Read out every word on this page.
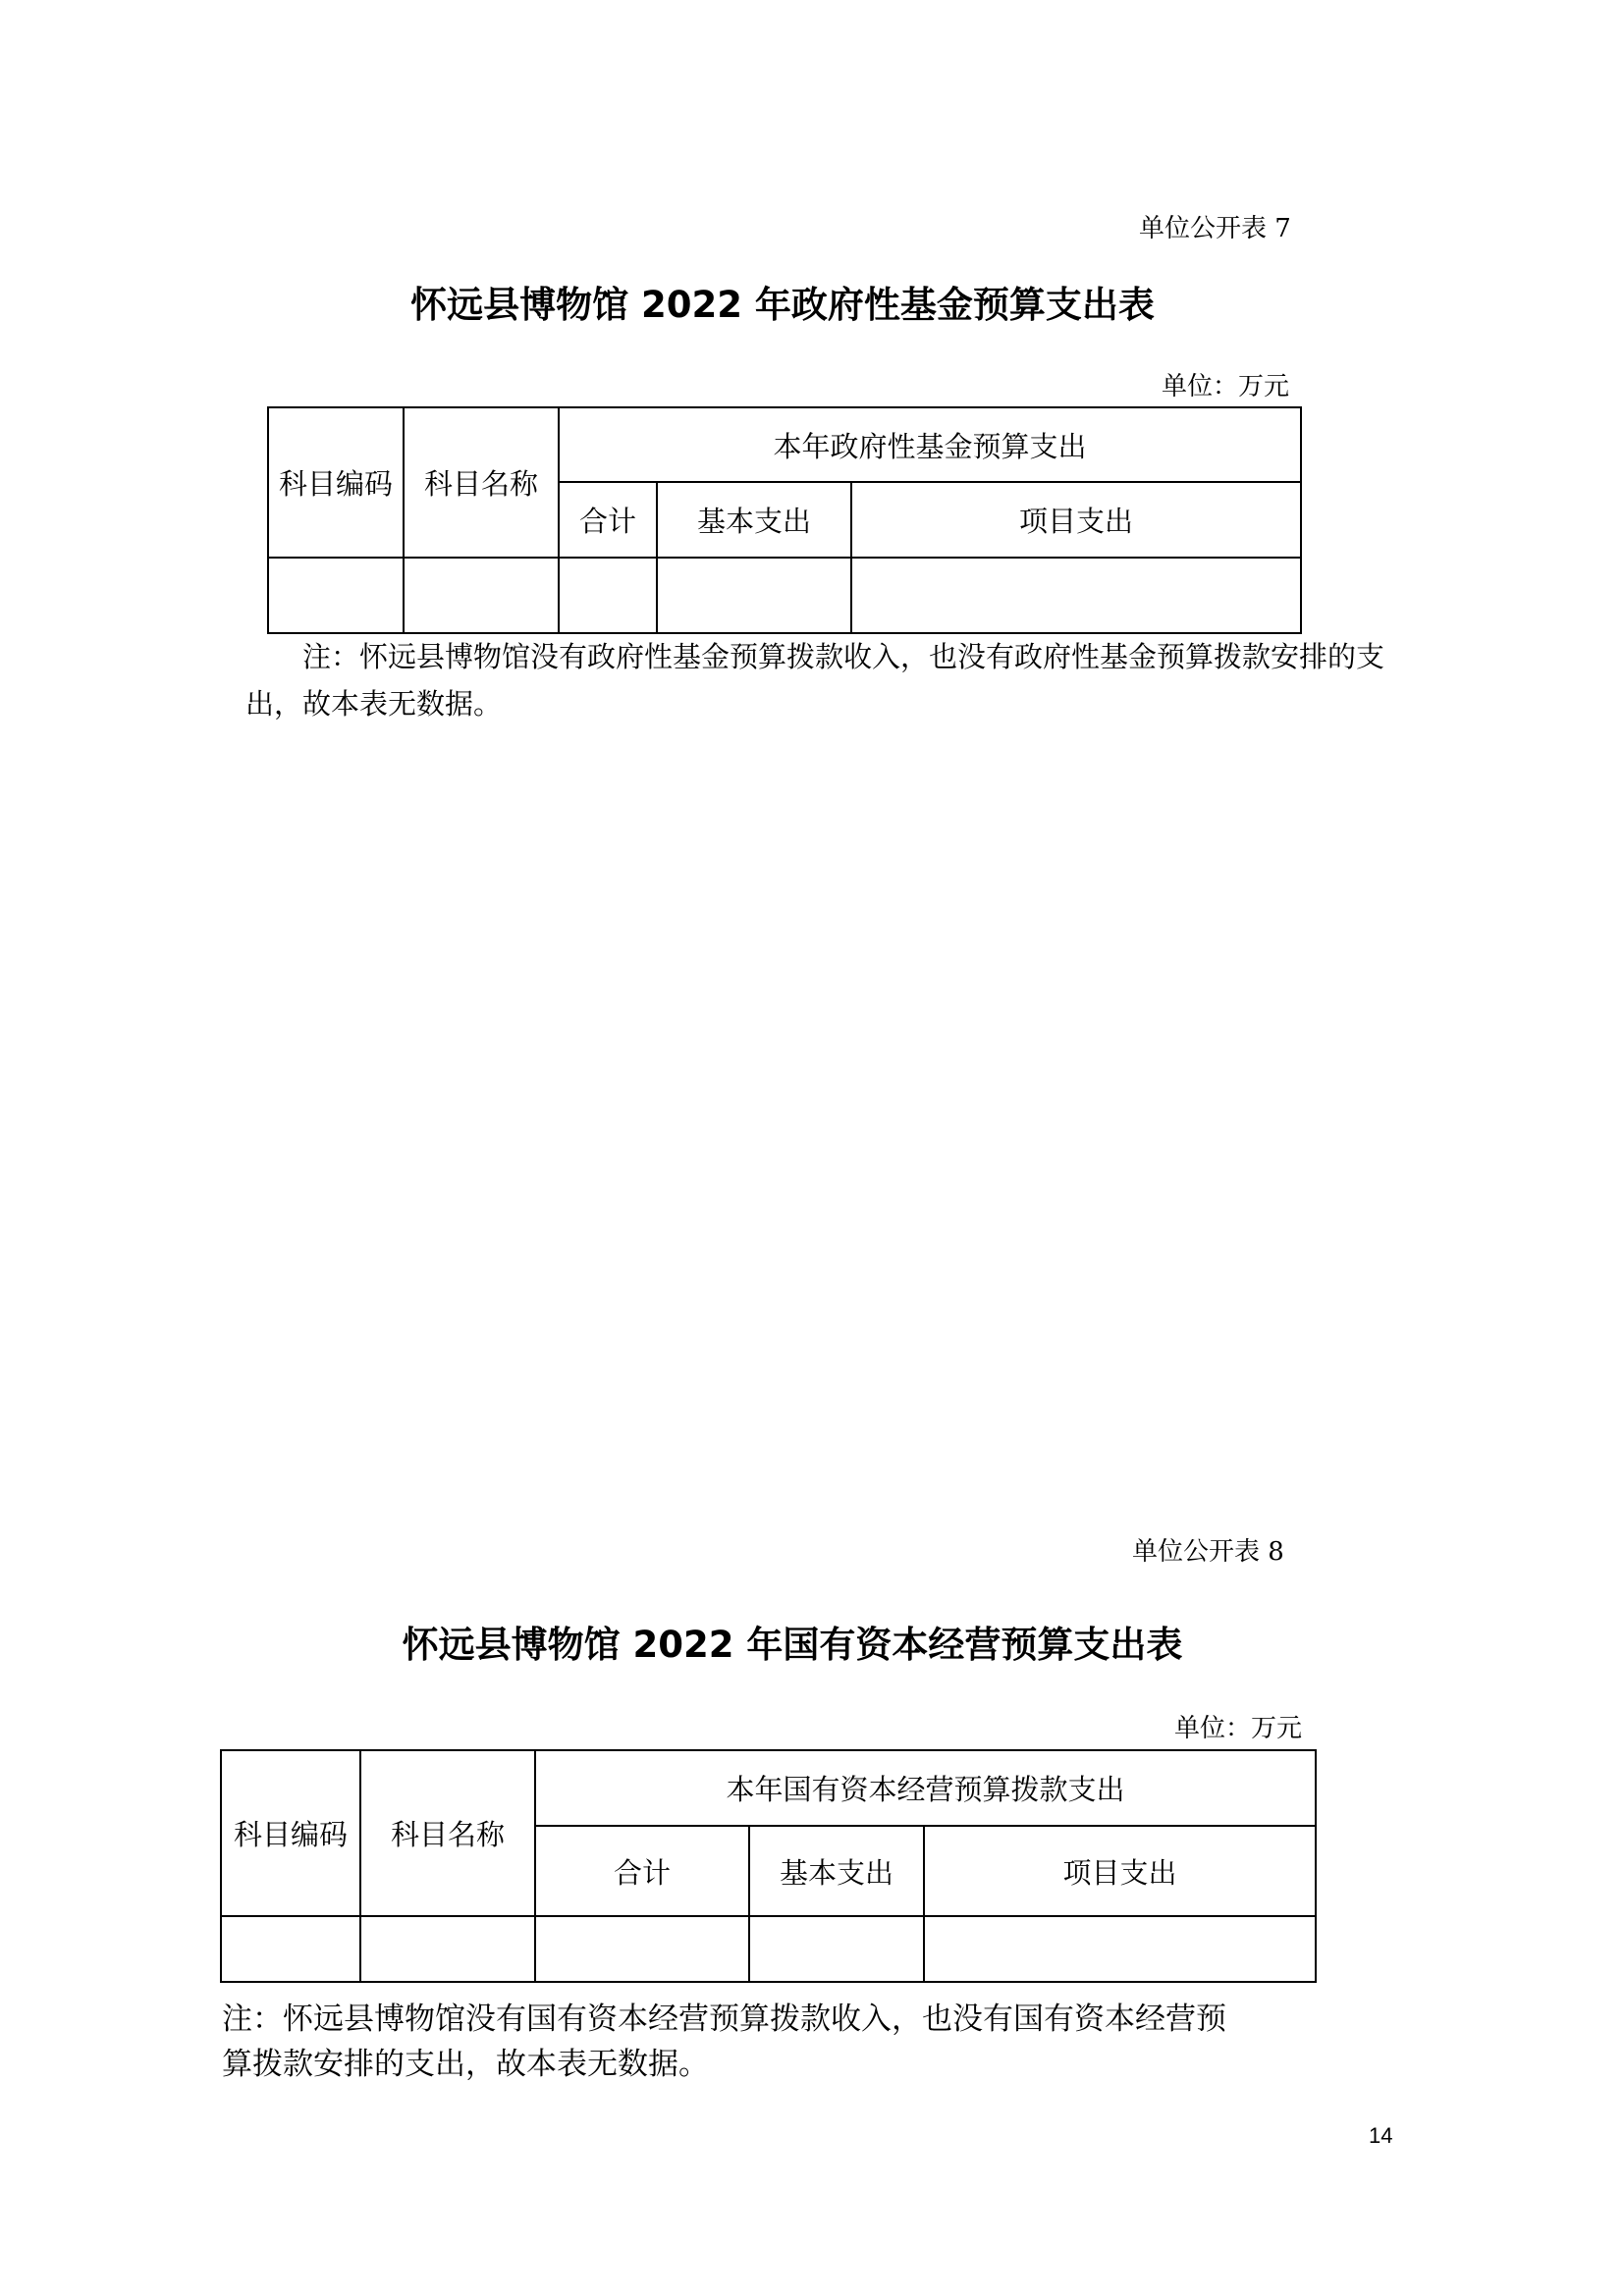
单位公开表 7
怀远县博物馆 2022 年政府性基金预算支出表
单位：万元
科目编码	科目名称	本年政府性基金预算支出		
		合计	基本支出	项目支出

注：怀远县博物馆没有政府性基金预算拨款收入，也没有政府性基金预算拨款安排的支
出，故本表无数据。
单位公开表 8
怀远县博物馆 2022 年国有资本经营预算支出表
单位：万元
科目编码	科目名称	本年国有资本经营预算拨款支出		
		合计	基本支出	项目支出

注：怀远县博物馆没有国有资本经营预算拨款收入，也没有国有资本经营预
算拨款安排的支出，故本表无数据。
14
